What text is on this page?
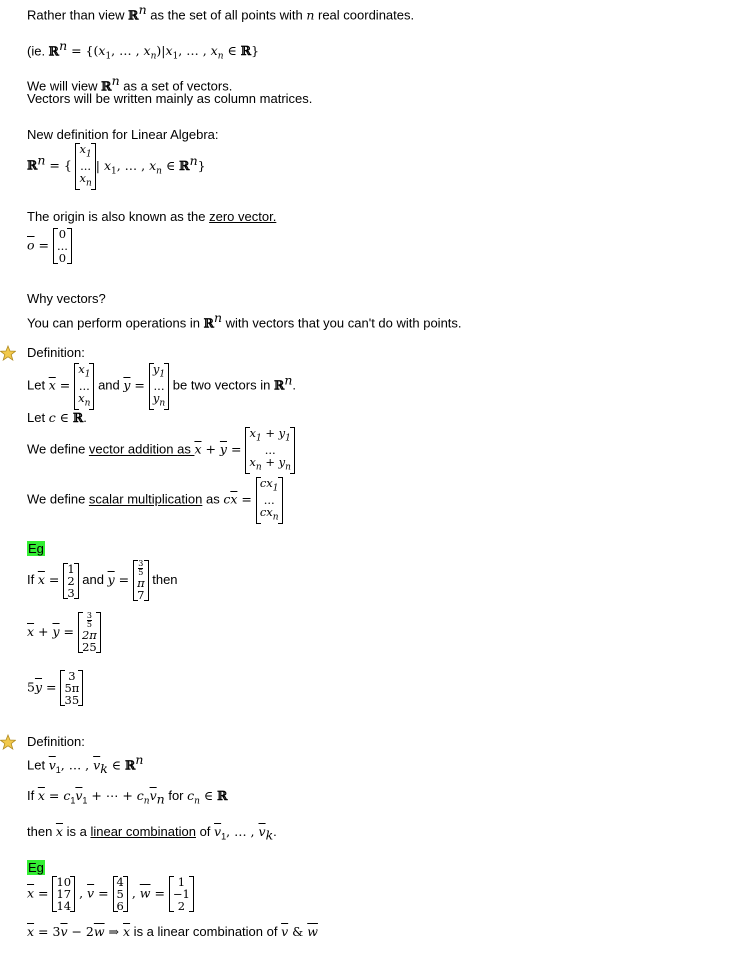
Rather than view ℝ$^n$ as the set of all points with n real coordinates.
(ie. ℝ$^n$ = {($x_1$, … , $x_n)|x_1$, … , $x_n$ ∈ ℝ}
We will view ℝ$^n$ as a set of vectors.
Vectors will be written mainly as column matrices.
New definition for Linear Algebra:
ℝ$^n$ = {
$x_1$
...
$x_n$
| $x_1$, … , $x_n$ ∈ ℝ$^n$}
The origin is also known as the zero vector.
$\overline{o}$ =
0
...
0
Why vectors?
You can perform operations in ℝ$^n$ with vectors that you can't do with points.
Definition:
Let $\overline{x}$ =
$x_1$
...
$x_n$
and $\overline{y}$ =
$y_1$
...
$y_n$
be two vectors in ℝ$^n$.
Let c ∈ ℝ.
We define vector addition as $\overline{x} + \overline{y}$ =
$x_1 + y_1$
...
$x_n + y_n$
We define scalar multiplication as $c\overline{x}$ =
$cx_1$
...
$cx_n$
Eg
If $\overline{x}$ =
1
2
3
and $\overline{y}$ =
$\frac{3}{5}$
π
7
then
$\overline{x} + \overline{y}$ =
$\frac{3}{5}$
2π
25
$5\overline{y}$ =
3
5π
35
Definition:
Let $\overline{v}_1$, … , $\overline{v}_k$ ∈ ℝ$^n$
If $\overline{x} = c_1\overline{v}_1$ + ⋯ + $c_n\overline{v}_n$ for $c_n$ ∈ ℝ
then $\overline{x}$ is a linear combination of $\overline{v}_1$, … , $\overline{v}_k$.
Eg
$\overline{x}$ =
10
17
14
, $\overline{v}$ =
4
5
6
, $\overline{w}$ =
1
−1
2
$\overline{x} = 3\overline{v} - 2\overline{w}$ ⇒ $\overline{x}$ is a linear combination of $\overline{v}$ & $\overline{w}$
